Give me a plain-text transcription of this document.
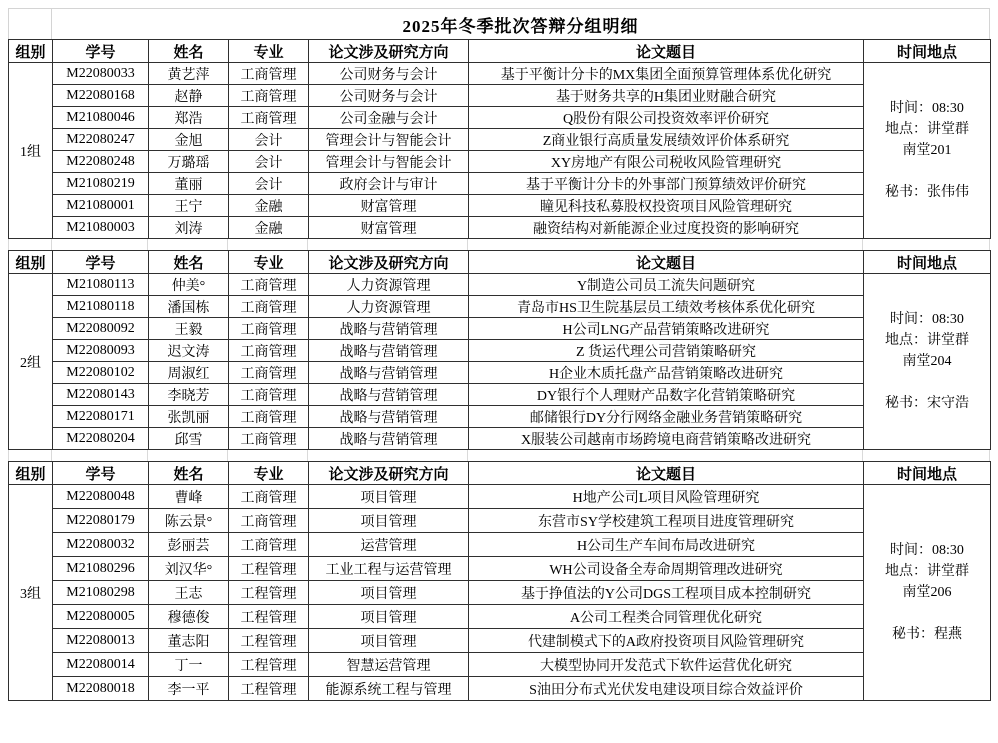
2025年冬季批次答辩分组明细
组别	学号	姓名	专业	论文涉及研究方向	论文题目	时间地点
1组	M22080033	黄艺萍	工商管理	公司财务与会计	基于平衡计分卡的MX集团全面预算管理体系优化研究	时间：08:30
地点：讲堂群
南堂201
秘书：张伟伟

	M22080168	赵静	工商管理	公司财务与会计	基于财务共享的H集团业财融合研究	
	M21080046	郑浩	工商管理	公司金融与会计	Q股份有限公司投资效率评价研究	
	M22080247	金旭	会计	管理会计与智能会计	Z商业银行高质量发展绩效评价体系研究	
	M22080248	万璐瑶	会计	管理会计与智能会计	XY房地产有限公司税收风险管理研究	
	M21080219	董丽	会计	政府会计与审计	基于平衡计分卡的外事部门预算绩效评价研究	
	M21080001	王宁	金融	财富管理	瞳见科技私募股权投资项目风险管理研究	
	M21080003	刘涛	金融	财富管理	融资结构对新能源企业过度投资的影响研究	
组别	学号	姓名	专业	论文涉及研究方向	论文题目	时间地点
2组	M21080113	仲美°	工商管理	人力资源管理	Y制造公司员工流失问题研究	时间：08:30
地点：讲堂群
南堂204
秘书：宋守浩

	M21080118	潘国栋	工商管理	人力资源管理	青岛市HS卫生院基层员工绩效考核体系优化研究	
	M22080092	王毅	工商管理	战略与营销管理	H公司LNG产品营销策略改进研究	
	M22080093	迟文涛	工商管理	战略与营销管理	Z 货运代理公司营销策略研究	
	M22080102	周淑红	工商管理	战略与营销管理	H企业木质托盘产品营销策略改进研究	
	M22080143	李晓芳	工商管理	战略与营销管理	DY银行个人理财产品数字化营销策略研究	
	M22080171	张凯丽	工商管理	战略与营销管理	邮储银行DY分行网络金融业务营销策略研究	
	M22080204	邱雪	工商管理	战略与营销管理	X服装公司越南市场跨境电商营销策略改进研究	
组别	学号	姓名	专业	论文涉及研究方向	论文题目	时间地点
3组	M22080048	曹峰	工商管理	项目管理	H地产公司L项目风险管理研究	时间：08:30
地点：讲堂群
南堂206
秘书：程燕

	M22080179	陈云景°	工商管理	项目管理	东营市SY学校建筑工程项目进度管理研究	
	M22080032	彭丽芸	工商管理	运营管理	H公司生产车间布局改进研究	
	M21080296	刘汉华°	工程管理	工业工程与运营管理	WH公司设备全寿命周期管理改进研究	
	M21080298	王志	工程管理	项目管理	基于挣值法的Y公司DGS工程项目成本控制研究	
	M22080005	穆德俊	工程管理	项目管理	A公司工程类合同管理优化研究	
	M22080013	董志阳	工程管理	项目管理	代建制模式下的A政府投资项目风险管理研究	
	M22080014	丁一	工程管理	智慧运营管理	大模型协同开发范式下软件运营优化研究	
	M22080018	李一平	工程管理	能源系统工程与管理	S油田分布式光伏发电建设项目综合效益评价	
